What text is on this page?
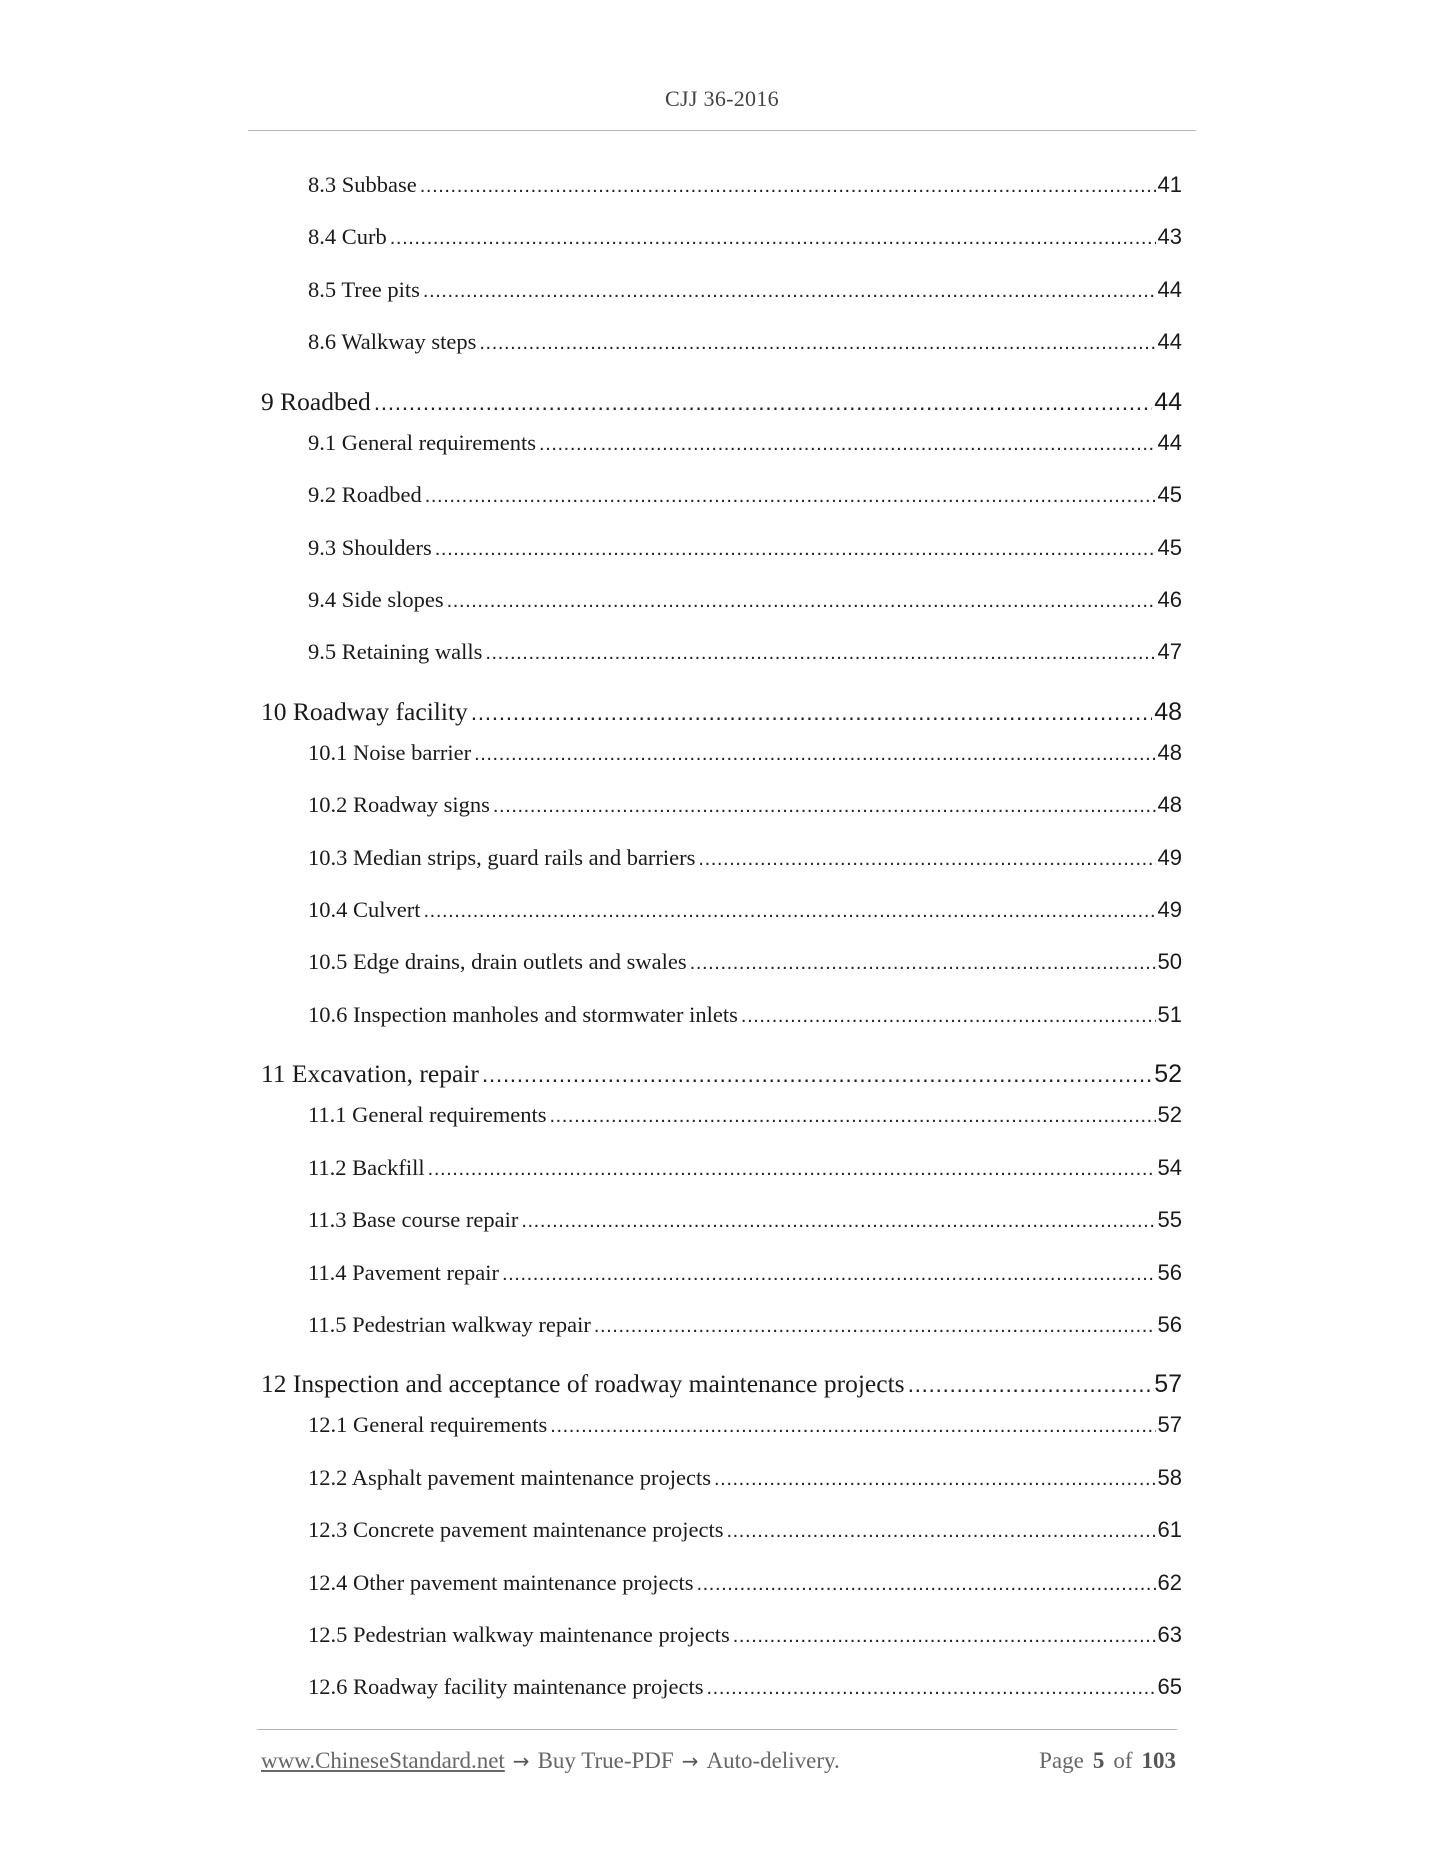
CJJ 36-2016
8.3 Subbase .....	41
8.4 Curb .....	43
8.5 Tree pits .....	44
8.6 Walkway steps .....	44
9 Roadbed .....	44
9.1 General requirements .....	44
9.2 Roadbed .....	45
9.3 Shoulders .....	45
9.4 Side slopes .....	46
9.5 Retaining walls .....	47
10 Roadway facility .....	48
10.1 Noise barrier .....	48
10.2 Roadway signs .....	48
10.3 Median strips, guard rails and barriers .....	49
10.4 Culvert .....	49
10.5 Edge drains, drain outlets and swales .....	50
10.6 Inspection manholes and stormwater inlets .....	51
11 Excavation, repair .....	52
11.1 General requirements .....	52
11.2 Backfill .....	54
11.3 Base course repair .....	55
11.4 Pavement repair .....	56
11.5 Pedestrian walkway repair .....	56
12 Inspection and acceptance of roadway maintenance projects .....	57
12.1 General requirements .....	57
12.2 Asphalt pavement maintenance projects .....	58
12.3 Concrete pavement maintenance projects .....	61
12.4 Other pavement maintenance projects .....	62
12.5 Pedestrian walkway maintenance projects .....	63
12.6 Roadway facility maintenance projects .....	65
www.ChineseStandard.net → Buy True-PDF → Auto-delivery.	Page 5 of 103
